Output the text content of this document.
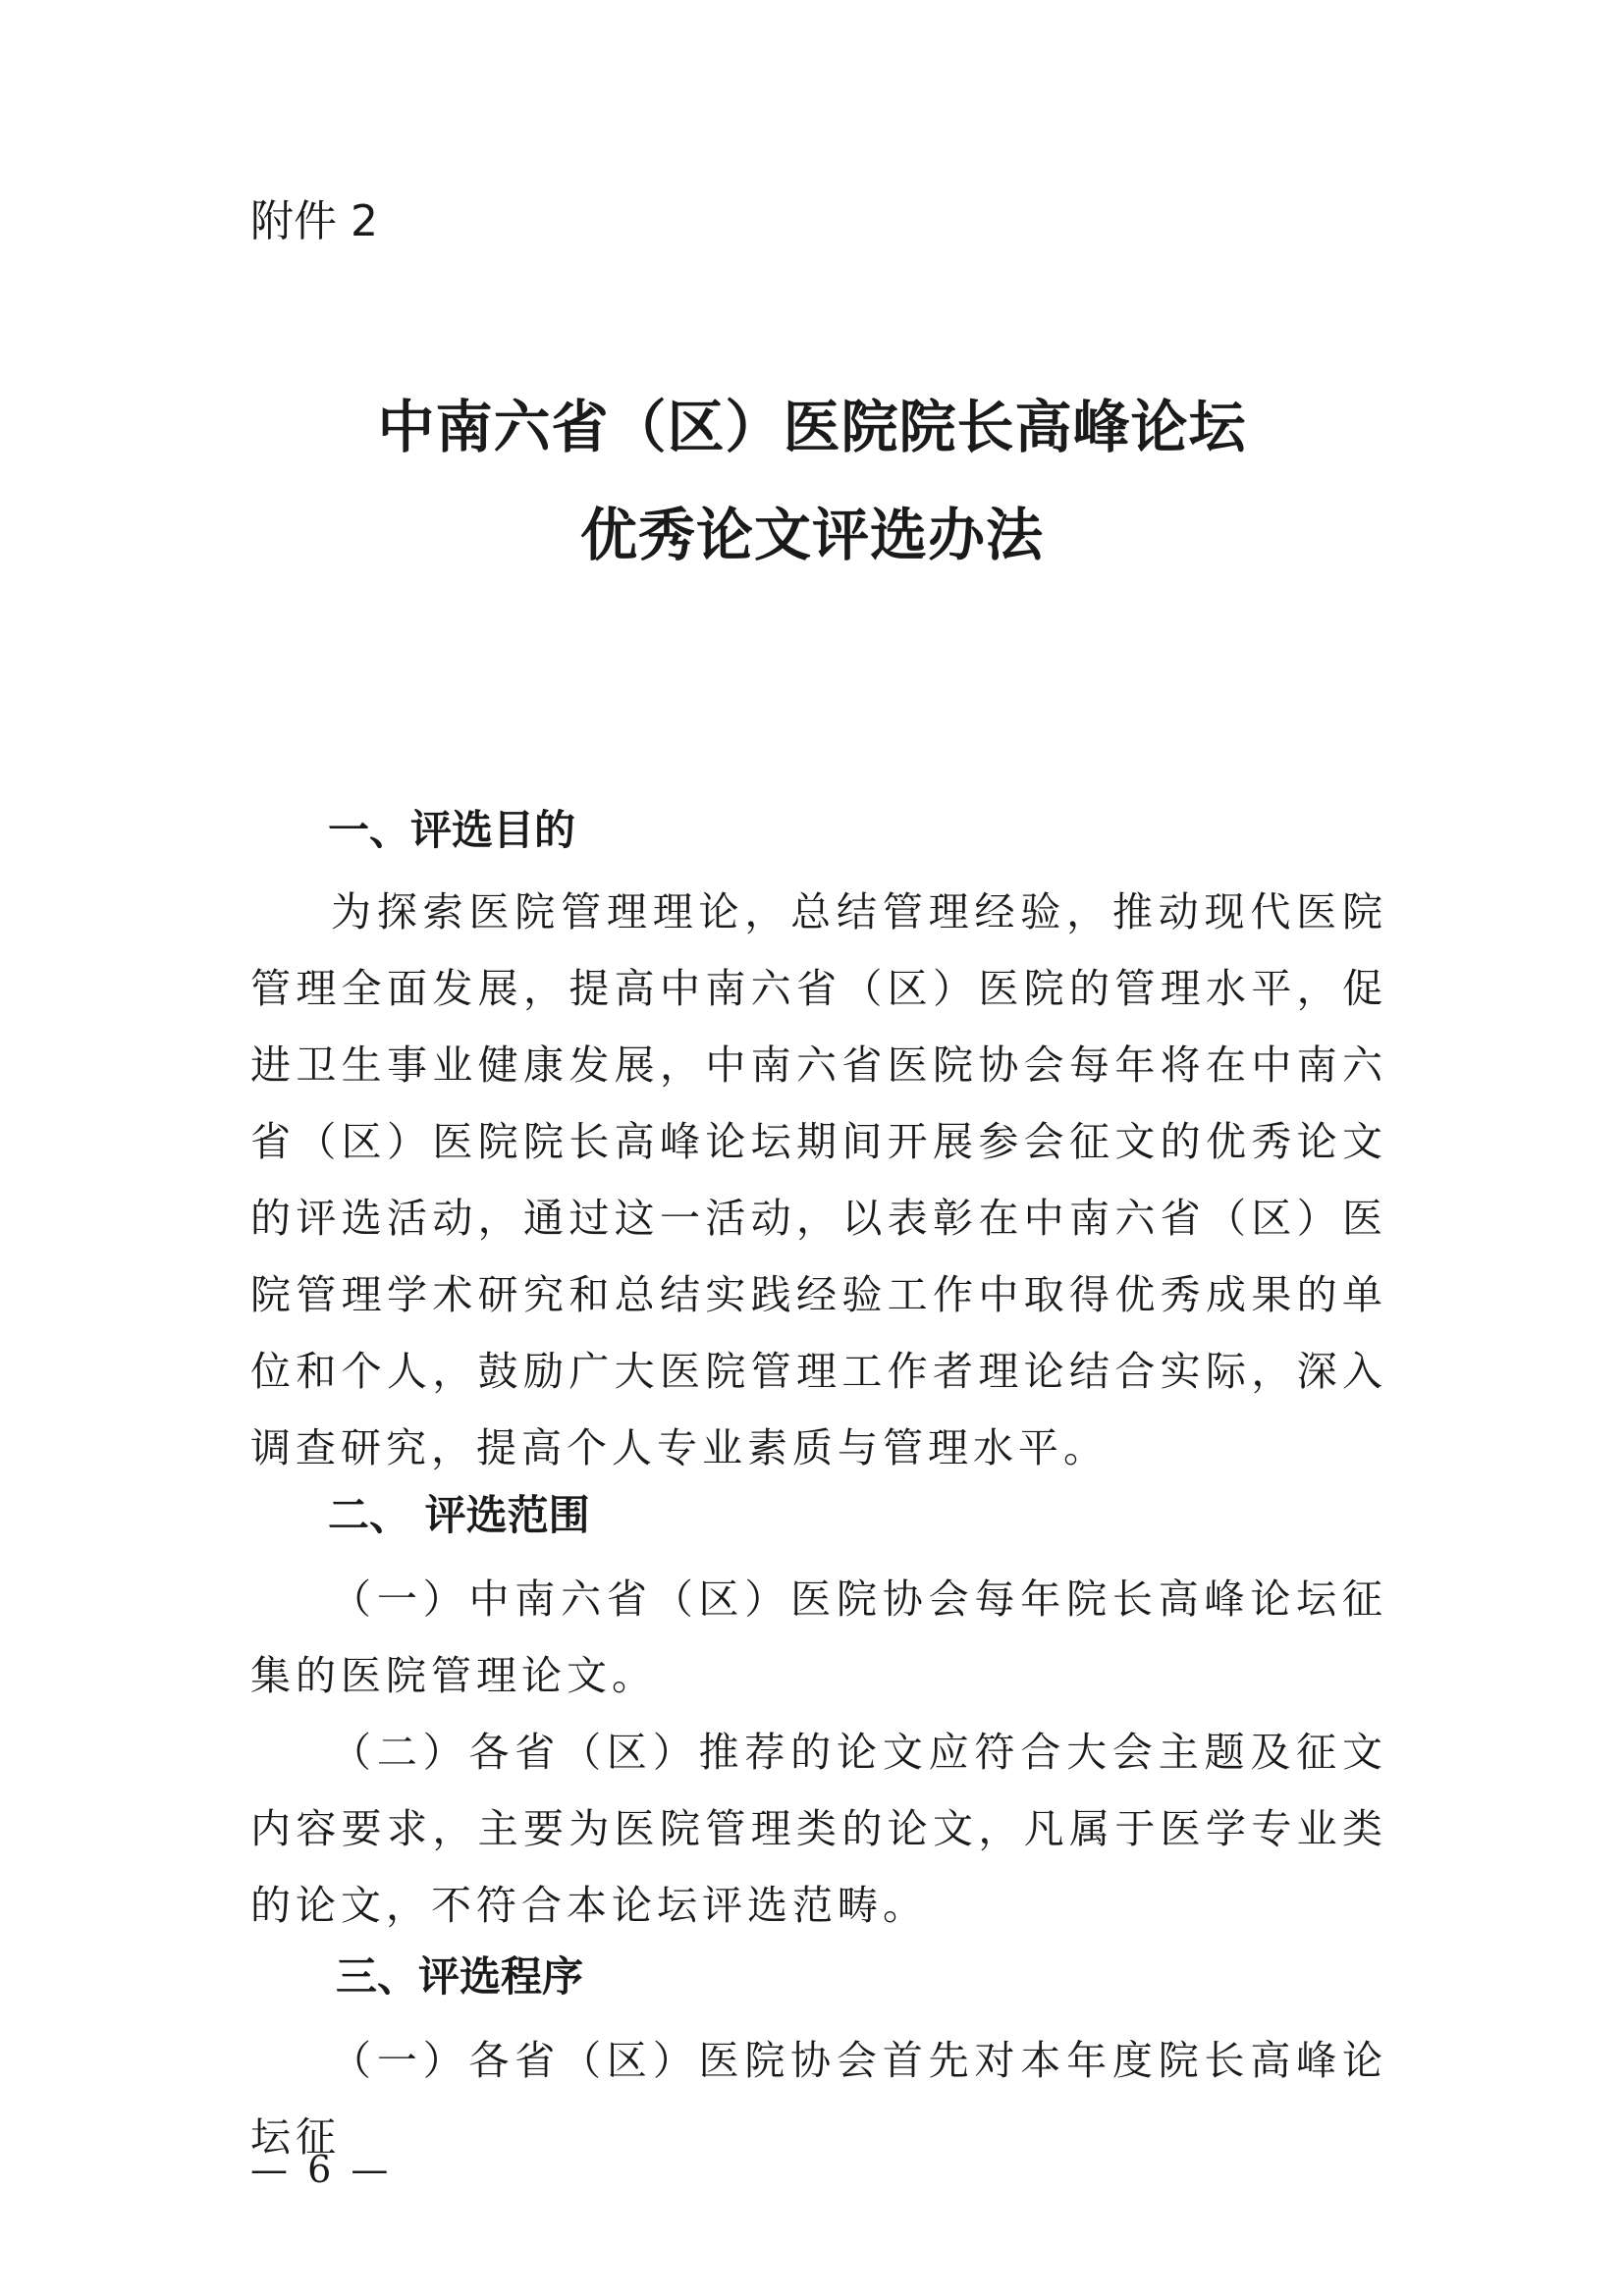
附件 2

中南六省（区）医院院长高峰论坛
优秀论文评选办法
一、评选目的

为探索医院管理理论，总结管理经验，推动现代医院管理全面发展，提高中南六省（区）医院的管理水平，促进卫生事业健康发展，中南六省医院协会每年将在中南六省（区）医院院长高峰论坛期间开展参会征文的优秀论文的评选活动，通过这一活动，以表彰在中南六省（区）医院管理学术研究和总结实践经验工作中取得优秀成果的单位和个人，鼓励广大医院管理工作者理论结合实际，深入调查研究，提高个人专业素质与管理水平。

二、 评选范围

（一）中南六省（区）医院协会每年院长高峰论坛征集的医院管理论文。

（二）各省（区）推荐的论文应符合大会主题及征文内容要求，主要为医院管理类的论文，凡属于医学专业类的论文，不符合本论坛评选范畴。

三、评选程序

（一）各省（区）医院协会首先对本年度院长高峰论坛征

— 6 —
